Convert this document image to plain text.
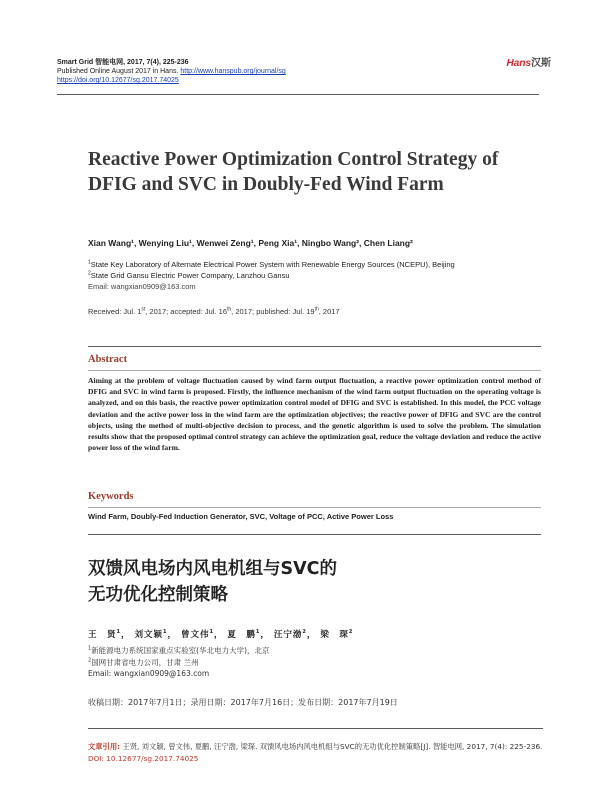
Smart Grid 智能电网, 2017, 7(4), 225-236
Published Online August 2017 in Hans. http://www.hanspub.org/journal/sg
https://doi.org/10.12677/sg.2017.74025
Hans汉斯
Reactive Power Optimization Control Strategy of DFIG and SVC in Doubly-Fed Wind Farm
Xian Wang¹, Wenying Liu¹, Wenwei Zeng¹, Peng Xia¹, Ningbo Wang², Chen Liang²
$^1$State Key Laboratory of Alternate Electrical Power System with Renewable Energy Sources (NCEPU), Beijing
$^2$State Grid Gansu Electric Power Company, Lanzhou Gansu
Email: wangxian0909@163.com
Received: Jul. 1st, 2017; accepted: Jul. 16th, 2017; published: Jul. 19th, 2017
Abstract
Aiming at the problem of voltage fluctuation caused by wind farm output fluctuation, a reactive power optimization control method of DFIG and SVC in wind farm is proposed. Firstly, the influence mechanism of the wind farm output fluctuation on the operating voltage is analyzed, and on this basis, the reactive power optimization control model of DFIG and SVC is established. In this model, the PCC voltage deviation and the active power loss in the wind farm are the optimization objectives; the reactive power of DFIG and SVC are the control objects, using the method of multi-objective decision to process, and the genetic algorithm is used to solve the problem. The simulation results show that the proposed optimal control strategy can achieve the optimization goal, reduce the voltage deviation and reduce the active power loss of the wind farm.
Keywords
Wind Farm, Doubly-Fed Induction Generator, SVC, Voltage of PCC, Active Power Loss
双馈风电场内风电机组与SVC的
无功优化控制策略
王　贤$^1$， 刘文颖$^1$， 曾文伟$^1$， 夏　鹏$^1$， 汪宁渤$^2$， 梁　琛$^2$
$^1$新能源电力系统国家重点实验室(华北电力大学)，北京
$^2$国网甘肃省电力公司，甘肃 兰州
Email: wangxian0909@163.com
收稿日期：2017年7月1日；录用日期：2017年7月16日；发布日期：2017年7月19日
文章引用: 王贤, 刘文颖, 曾文伟, 夏鹏, 汪宁渤, 梁琛. 双馈风电场内风电机组与SVC的无功优化控制策略[J]. 智能电网, 2017, 7(4): 225-236. DOI: 10.12677/sg.2017.74025
